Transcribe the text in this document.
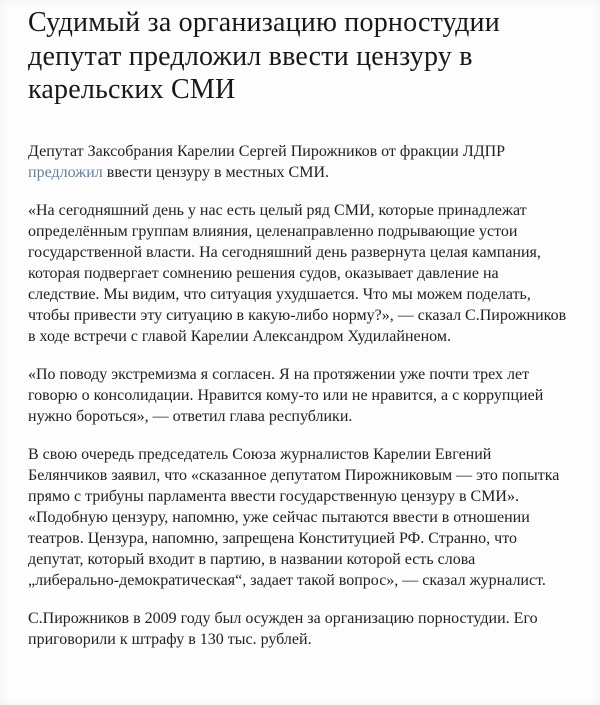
Судимый за организацию порностудии депутат предложил ввести цензуру в карельских СМИ

Депутат Заксобрания Карелии Сергей Пирожников от фракции ЛДПР предложил ввести цензуру в местных СМИ.

«На сегодняшний день у нас есть целый ряд СМИ, которые принадлежат определённым группам влияния, целенаправленно подрывающие устои государственной власти. На сегодняшний день развернута целая кампания, которая подвергает сомнению решения судов, оказывает давление на следствие. Мы видим, что ситуация ухудшается. Что мы можем поделать, чтобы привести эту ситуацию в какую-либо норму?», — сказал С.Пирожников в ходе встречи с главой Карелии Александром Худилайненом.

«По поводу экстремизма я согласен. Я на протяжении уже почти трех лет говорю о консолидации. Нравится кому-то или не нравится, а с коррупцией нужно бороться», — ответил глава республики.

В свою очередь председатель Союза журналистов Карелии Евгений Белянчиков заявил, что «сказанное депутатом Пирожниковым — это попытка прямо с трибуны парламента ввести государственную цензуру в СМИ». «Подобную цензуру, напомню, уже сейчас пытаются ввести в отношении театров. Цензура, напомню, запрещена Конституцией РФ. Странно, что депутат, который входит в партию, в названии которой есть слова „либерально-демократическая“, задает такой вопрос», — сказал журналист.

С.Пирожников в 2009 году был осужден за организацию порностудии. Его приговорили к штрафу в 130 тыс. рублей.
